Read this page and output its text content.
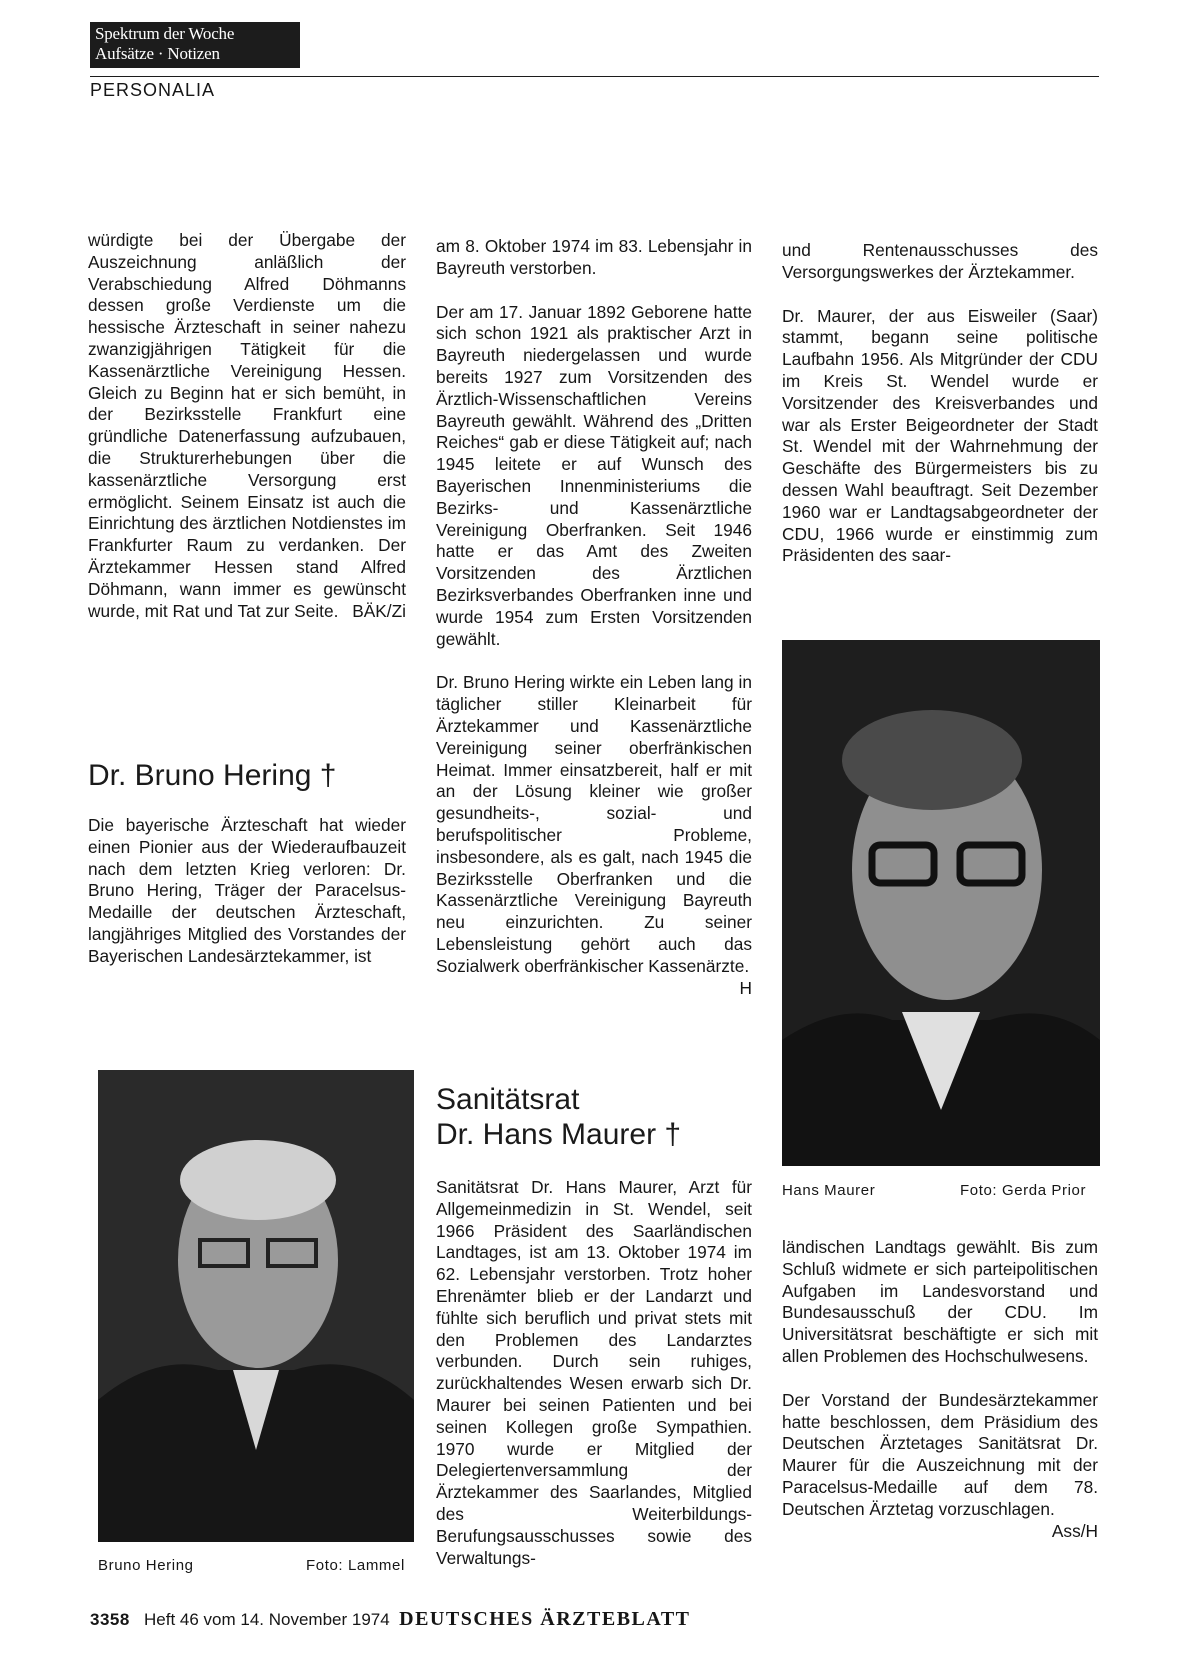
Spektrum der Woche
Aufsätze · Notizen
PERSONALIA

würdigte bei der Übergabe der Auszeichnung anläßlich der Verabschiedung Alfred Döhmanns dessen große Verdienste um die hessische Ärzteschaft in seiner nahezu zwanzigjährigen Tätigkeit für die Kassenärztliche Vereinigung Hessen. Gleich zu Beginn hat er sich bemüht, in der Bezirksstelle Frankfurt eine gründliche Datenerfassung aufzubauen, die Strukturerhebungen über die kassenärztliche Versorgung erst ermöglicht. Seinem Einsatz ist auch die Einrichtung des ärztlichen Notdienstes im Frankfurter Raum zu verdanken. Der Ärztekammer Hessen stand Alfred Döhmann, wann immer es gewünscht wurde, mit Rat und Tat zur Seite. BÄK/Zi

Dr. Bruno Hering †

Die bayerische Ärzteschaft hat wieder einen Pionier aus der Wiederaufbauzeit nach dem letzten Krieg verloren: Dr. Bruno Hering, Träger der Paracelsus-Medaille der deutschen Ärzteschaft, langjähriges Mitglied des Vorstandes der Bayerischen Landesärztekammer, ist

Bruno Hering	Foto: Lammel

am 8. Oktober 1974 im 83. Lebensjahr in Bayreuth verstorben.

Der am 17. Januar 1892 Geborene hatte sich schon 1921 als praktischer Arzt in Bayreuth niedergelassen und wurde bereits 1927 zum Vorsitzenden des Ärztlich-Wissenschaftlichen Vereins Bayreuth gewählt. Während des „Dritten Reiches“ gab er diese Tätigkeit auf; nach 1945 leitete er auf Wunsch des Bayerischen Innenministeriums die Bezirks- und Kassenärztliche Vereinigung Oberfranken. Seit 1946 hatte er das Amt des Zweiten Vorsitzenden des Ärztlichen Bezirksverbandes Oberfranken inne und wurde 1954 zum Ersten Vorsitzenden gewählt.

Dr. Bruno Hering wirkte ein Leben lang in täglicher stiller Kleinarbeit für Ärztekammer und Kassenärztliche Vereinigung seiner oberfränkischen Heimat. Immer einsatzbereit, half er mit an der Lösung kleiner wie großer gesundheits-, sozial- und berufspolitischer Probleme, insbesondere, als es galt, nach 1945 die Bezirksstelle Oberfranken und die Kassenärztliche Vereinigung Bayreuth neu einzurichten. Zu seiner Lebensleistung gehört auch das Sozialwerk oberfränkischer Kassenärzte.
H

Sanitätsrat
Dr. Hans Maurer †

Sanitätsrat Dr. Hans Maurer, Arzt für Allgemeinmedizin in St. Wendel, seit 1966 Präsident des Saarländischen Landtages, ist am 13. Oktober 1974 im 62. Lebensjahr verstorben. Trotz hoher Ehrenämter blieb er der Landarzt und fühlte sich beruflich und privat stets mit den Problemen des Landarztes verbunden. Durch sein ruhiges, zurückhaltendes Wesen erwarb sich Dr. Maurer bei seinen Patienten und bei seinen Kollegen große Sympathien. 1970 wurde er Mitglied der Delegiertenversammlung der Ärztekammer des Saarlandes, Mitglied des Weiterbildungs-Berufungsausschusses sowie des Verwaltungs-

und Rentenausschusses des Versorgungswerkes der Ärztekammer.

Dr. Maurer, der aus Eisweiler (Saar) stammt, begann seine politische Laufbahn 1956. Als Mitgründer der CDU im Kreis St. Wendel wurde er Vorsitzender des Kreisverbandes und war als Erster Beigeordneter der Stadt St. Wendel mit der Wahrnehmung der Geschäfte des Bürgermeisters bis zu dessen Wahl beauftragt. Seit Dezember 1960 war er Landtagsabgeordneter der CDU, 1966 wurde er einstimmig zum Präsidenten des saar-

Hans Maurer	Foto: Gerda Prior

ländischen Landtags gewählt. Bis zum Schluß widmete er sich parteipolitischen Aufgaben im Landesvorstand und Bundesausschuß der CDU. Im Universitätsrat beschäftigte er sich mit allen Problemen des Hochschulwesens.

Der Vorstand der Bundesärztekammer hatte beschlossen, dem Präsidium des Deutschen Ärztetages Sanitätsrat Dr. Maurer für die Auszeichnung mit der Paracelsus-Medaille auf dem 78. Deutschen Ärztetag vorzuschlagen.
Ass/H

3358 Heft 46 vom 14. November 1974 DEUTSCHES ÄRZTEBLATT
